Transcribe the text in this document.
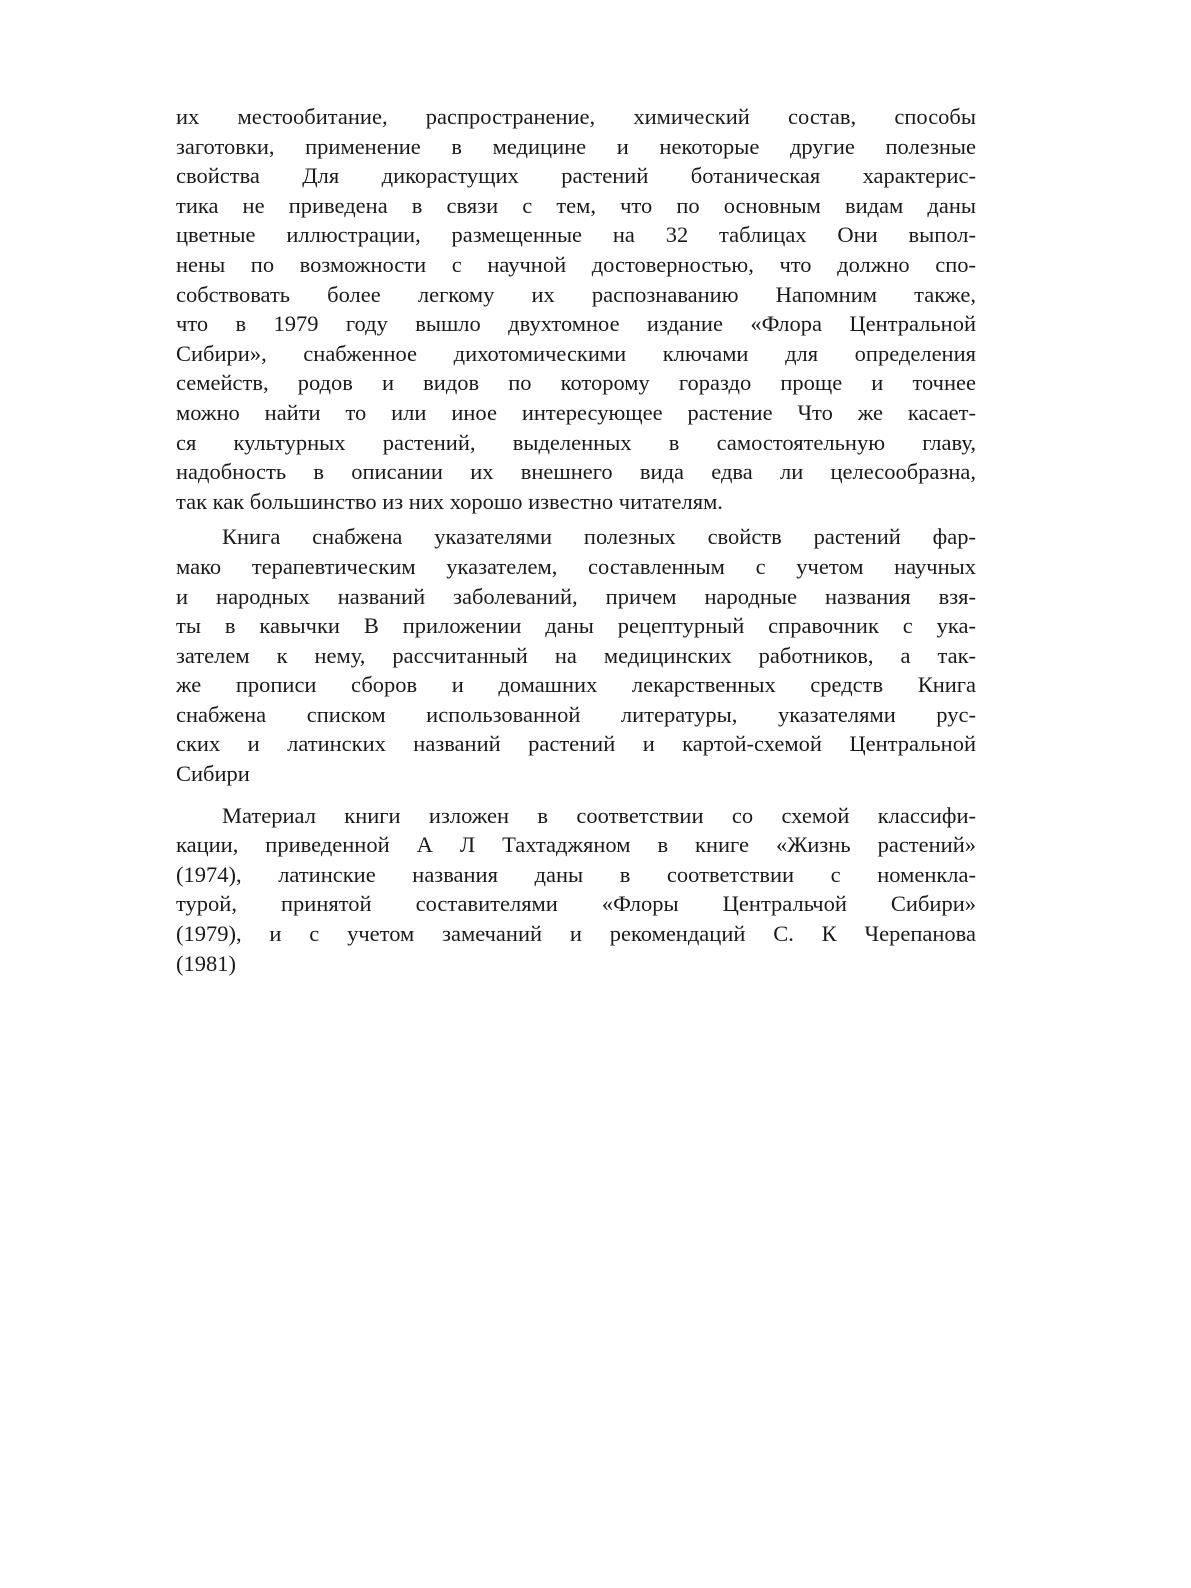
их местообитание, распространение, химический состав, способы
заготовки, применение в медицине и некоторые другие полезные
свойства Для дикорастущих растений ботаническая характерис-
тика не приведена в связи с тем, что по основным видам даны
цветные иллюстрации, размещенные на 32 таблицах Они выпол-
нены по возможности с научной достоверностью, что должно спо-
собствовать более легкому их распознаванию Напомним также,
что в 1979 году вышло двухтомное издание «Флора Центральной
Сибири», снабженное дихотомическими ключами для определения
семейств, родов и видов по которому гораздо проще и точнее
можно найти то или иное интересующее растение Что же касает-
ся культурных растений, выделенных в самостоятельную главу,
надобность в описании их внешнего вида едва ли целесообразна,
так как большинство из них хорошо известно читателям.
Книга снабжена указателями полезных свойств растений фар-
мако терапевтическим указателем, составленным с учетом научных
и народных названий заболеваний, причем народные названия взя-
ты в кавычки В приложении даны рецептурный справочник с ука-
зателем к нему, рассчитанный на медицинских работников, а так-
же прописи сборов и домашних лекарственных средств Книга
снабжена списком использованной литературы, указателями рус-
ских и латинских названий растений и картой-схемой Центральной
Сибири
Материал книги изложен в соответствии со схемой классифи-
кации, приведенной А Л Тахтаджяном в книге «Жизнь растений»
(1974), латинские названия даны в соответствии с номенкла-
турой, принятой составителями «Флоры Центральчой Сибири»
(1979), и с учетом замечаний и рекомендаций С. К Черепанова
(1981)
